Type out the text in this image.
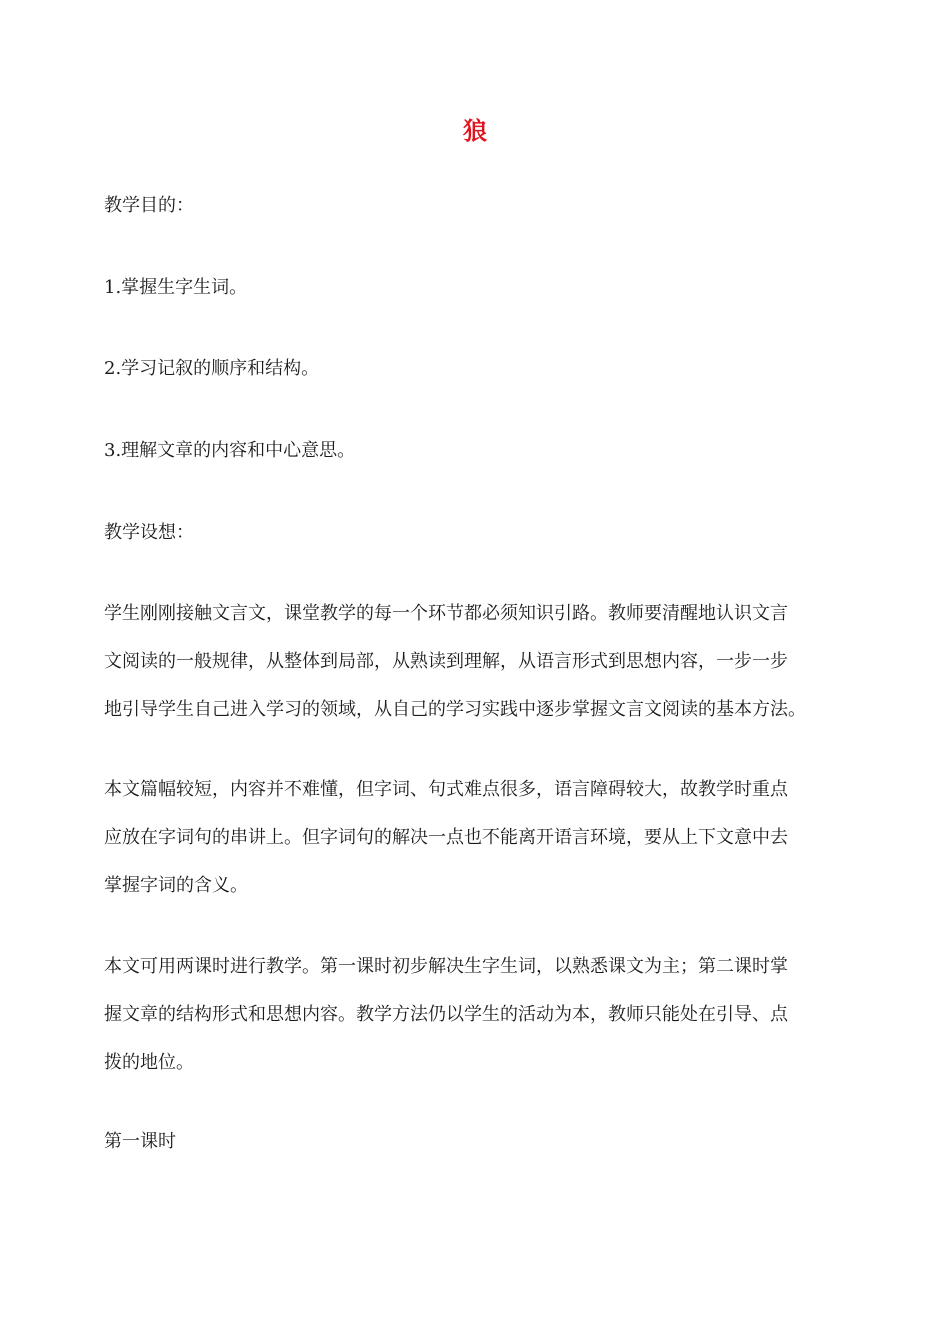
狼
教学目的：
1.掌握生字生词。
2.学习记叙的顺序和结构。
3.理解文章的内容和中心意思。
教学设想：
学生刚刚接触文言文，课堂教学的每一个环节都必须知识引路。教师要清醒地认识文言
文阅读的一般规律，从整体到局部，从熟读到理解，从语言形式到思想内容，一步一步
地引导学生自己进入学习的领域，从自己的学习实践中逐步掌握文言文阅读的基本方法。
本文篇幅较短，内容并不难懂，但字词、句式难点很多，语言障碍较大，故教学时重点
应放在字词句的串讲上。但字词句的解决一点也不能离开语言环境，要从上下文意中去
掌握字词的含义。
本文可用两课时进行教学。第一课时初步解决生字生词，以熟悉课文为主；第二课时掌
握文章的结构形式和思想内容。教学方法仍以学生的活动为本，教师只能处在引导、点
拨的地位。
第一课时
